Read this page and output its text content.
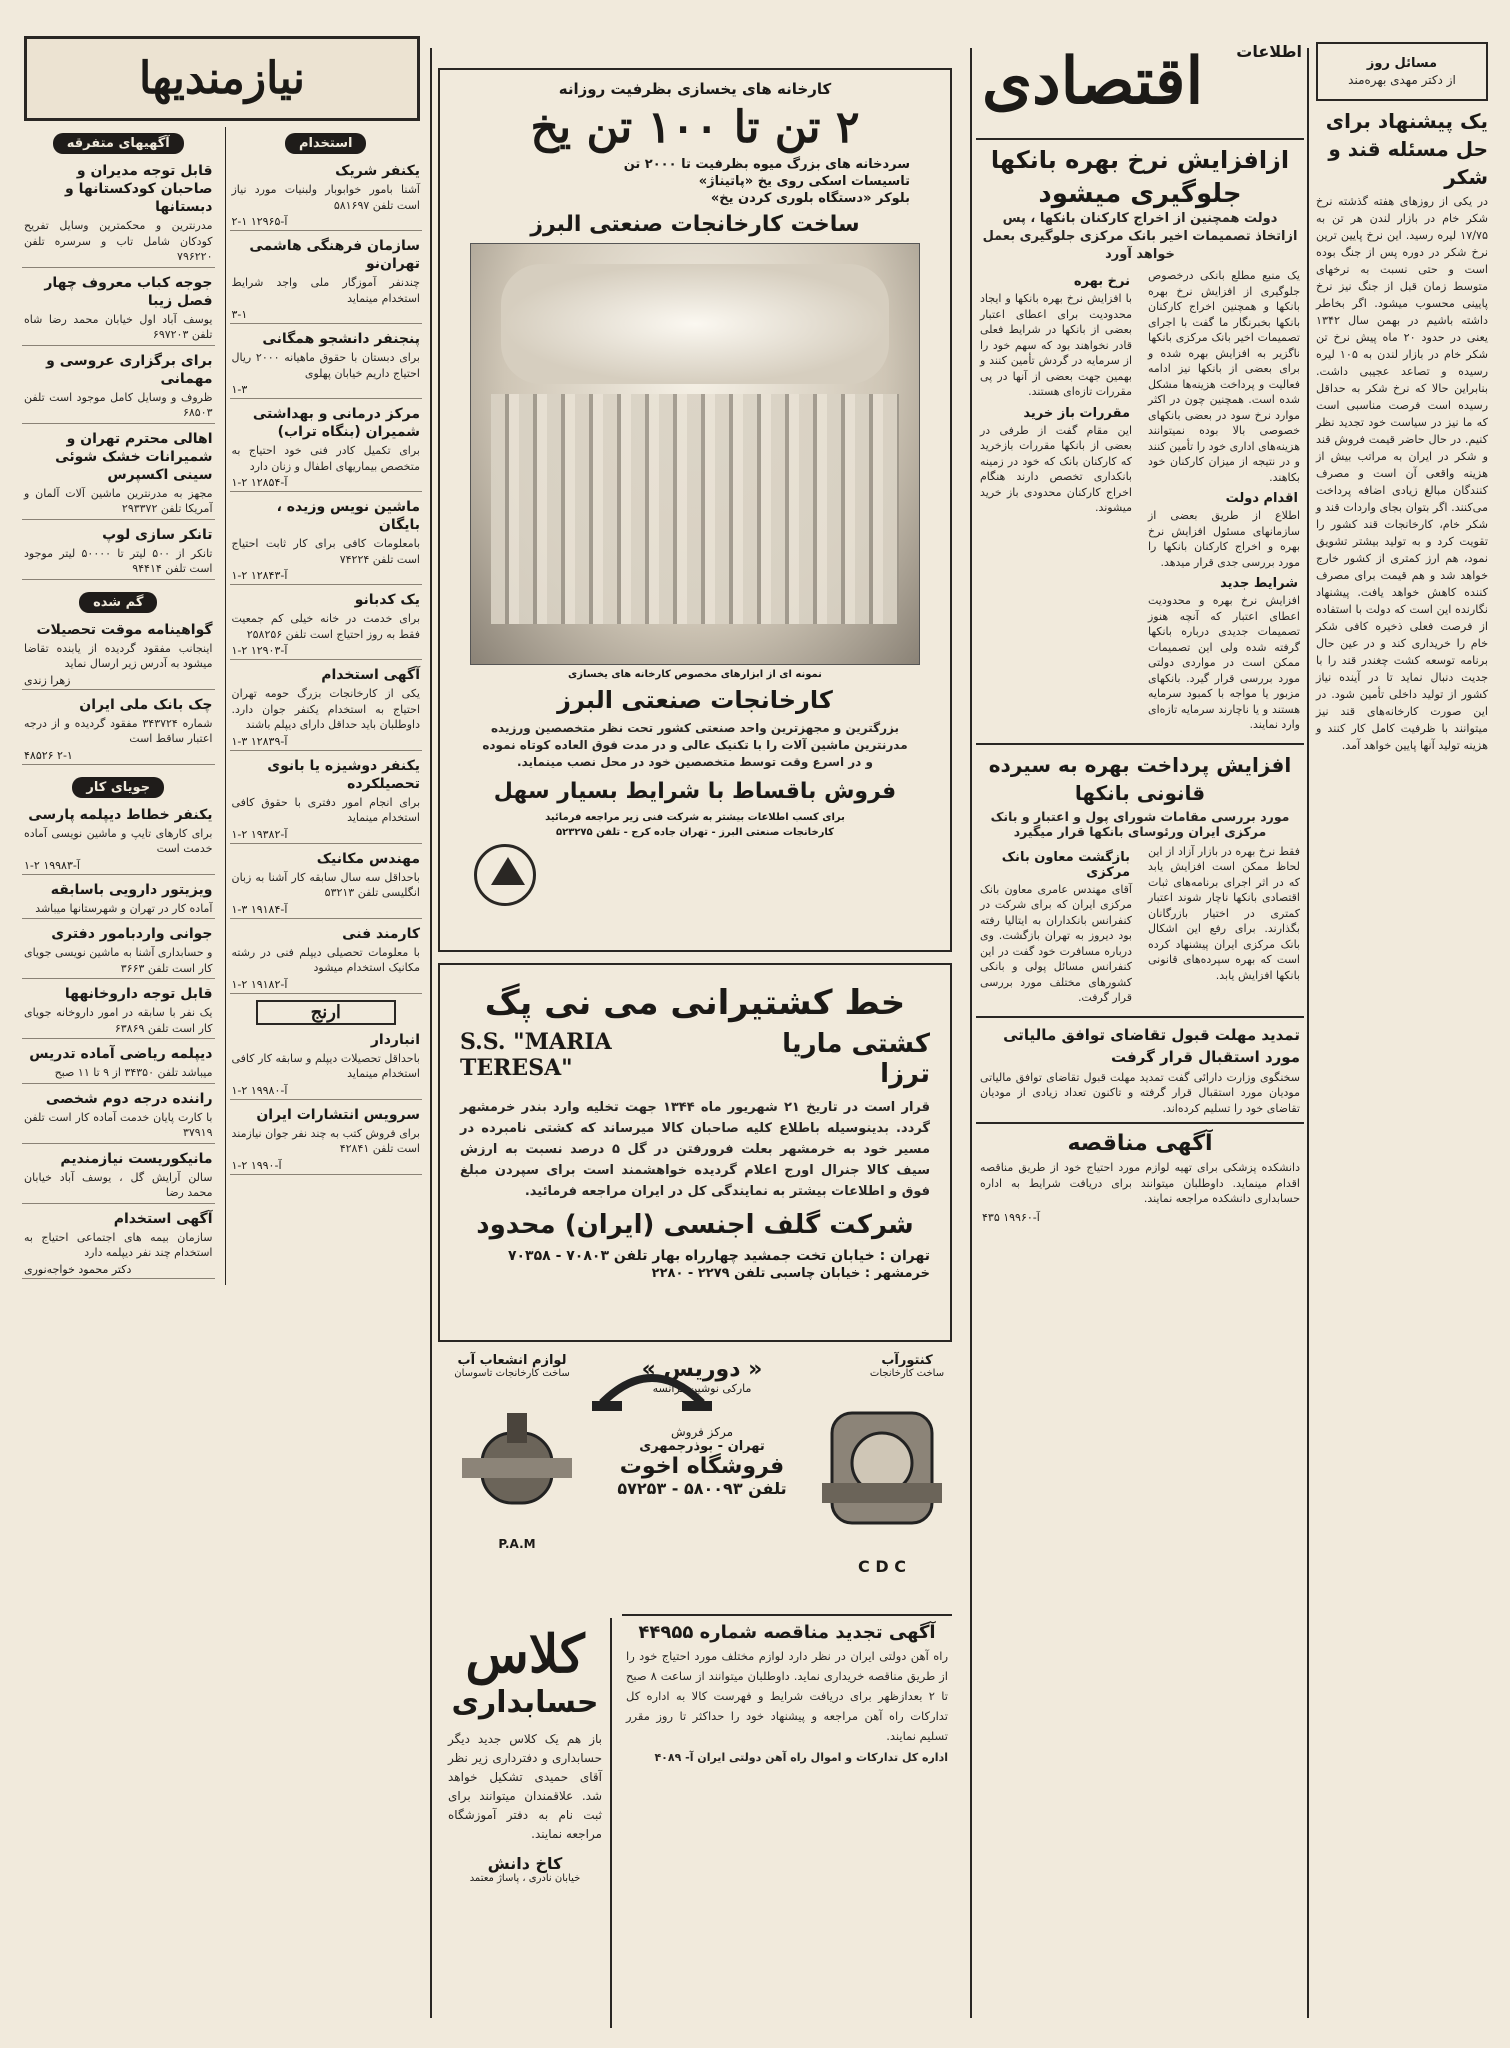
مسائل روز
از دکتر مهدی بهره‌مند
یک پیشنهاد برای حل مسئله قند و شکر
در یکی از روزهای هفته گذشته نرخ شکر خام در بازار لندن هر تن به ۱۷/۷۵ لیره رسید. این نرخ پایین ترین نرخ شکر در دوره پس از جنگ بوده است و حتی نسبت به نرخهای متوسط زمان قبل از جنگ نیز نرخ پایینی محسوب میشود. اگر بخاطر داشته باشیم در بهمن سال ۱۳۴۲ یعنی در حدود ۲۰ ماه پیش نرخ تن شکر خام در بازار لندن به ۱۰۵ لیره رسیده و تصاعد عجیبی داشت. بنابراین حالا که نرخ شکر به حداقل رسیده است فرصت مناسبی است که ما نیز در سیاست خود تجدید نظر کنیم. در حال حاضر قیمت فروش قند و شکر در ایران به مراتب بیش از هزینه واقعی آن است و مصرف کنندگان مبالغ زیادی اضافه پرداخت می‌کنند. اگر بتوان بجای واردات قند و شکر خام، کارخانجات قند کشور را تقویت کرد و به تولید بیشتر تشویق نمود، هم ارز کمتری از کشور خارج خواهد شد و هم قیمت برای مصرف کننده کاهش خواهد یافت. پیشنهاد نگارنده این است که دولت با استفاده از فرصت فعلی ذخیره کافی شکر خام را خریداری کند و در عین حال برنامه توسعه کشت چغندر قند را با جدیت دنبال نماید تا در آینده نیاز کشور از تولید داخلی تأمین شود. در این صورت کارخانه‌های قند نیز میتوانند با ظرفیت کامل کار کنند و هزینه تولید آنها پایین خواهد آمد.
اطلاعات
اقتصادی
ازافزایش نرخ بهره بانکها
جلوگیری میشود
دولت همچنین از اخراج کارکنان بانکها ، پس ازاتخاذ تصمیمات اخیر بانک مرکزی جلوگیری بعمل خواهد آورد
یک منبع مطلع بانکی درخصوص جلوگیری از افزایش نرخ بهره بانکها و همچنین اخراج کارکنان بانکها بخبرنگار ما گفت با اجرای تصمیمات اخیر بانک مرکزی بانکها ناگزیر به افزایش بهره شده و برای بعضی از بانکها نیز ادامه فعالیت و پرداخت هزینه‌ها مشکل شده است. همچنین چون در اکثر موارد نرخ سود در بعضی بانکهای خصوصی بالا بوده نمیتوانند هزینه‌های اداری خود را تأمین کنند و در نتیجه از میزان کارکنان خود بکاهند.
اقدام دولت
اطلاع از طریق بعضی از سازمانهای مسئول افزایش نرخ بهره و اخراج کارکنان بانکها را مورد بررسی جدی قرار میدهد.
شرایط جدید
افزایش نرخ بهره و محدودیت اعطای اعتبار که آنچه هنوز تصمیمات جدیدی درباره بانکها گرفته شده ولی این تصمیمات ممکن است در مواردی دولتی مورد بررسی قرار گیرد. بانکهای مزبور یا مواجه با کمبود سرمایه هستند و یا ناچارند سرمایه تازه‌ای وارد نمایند.
نرخ بهره
با افزایش نرخ بهره بانکها و ایجاد محدودیت برای اعطای اعتبار بعضی از بانکها در شرایط فعلی قادر نخواهند بود که سهم خود را از سرمایه در گردش تأمین کنند و بهمین جهت بعضی از آنها در پی مقررات تازه‌ای هستند.
مقررات باز خرید
این مقام گفت از طرفی در بعضی از بانکها مقررات بازخرید که کارکنان بانک که خود در زمینه بانکداری تخصص دارند هنگام اخراج کارکنان محدودی باز خرید میشوند.
افزایش پرداخت بهره به سیرده قانونی بانکها
مورد بررسی مقامات شورای پول و اعتبار و بانک مرکزی ایران ورئوسای بانکها قرار میگیرد
فقط نرخ بهره در بازار آزاد از این لحاظ ممکن است افزایش یابد که در اثر اجرای برنامه‌های ثبات اقتصادی بانکها ناچار شوند اعتبار کمتری در اختیار بازرگانان بگذارند. برای رفع این اشکال بانک مرکزی ایران پیشنهاد کرده است که بهره سپرده‌های قانونی بانکها افزایش یابد.
بازگشت معاون بانک مرکزی
آقای مهندس عامری معاون بانک مرکزی ایران که برای شرکت در کنفرانس بانکداران به ایتالیا رفته بود دیروز به تهران بازگشت. وی درباره مسافرت خود گفت در این کنفرانس مسائل پولی و بانکی کشورهای مختلف مورد بررسی قرار گرفت.
تمدید مهلت قبول تقاضای توافق مالیاتی مورد استقبال قرار گرفت
سخنگوی وزارت دارائی گفت تمدید مهلت قبول تقاضای توافق مالیاتی مودیان مورد استقبال قرار گرفته و تاکنون تعداد زیادی از مودیان تقاضای خود را تسلیم کرده‌اند.
آگهی مناقصه
دانشکده پزشکی برای تهیه لوازم مورد احتیاج خود از طریق مناقصه اقدام مینماید. داوطلبان میتوانند برای دریافت شرایط به اداره حسابداری دانشکده مراجعه نمایند.
آ-۱۹۹۶۰ ۴۳۵
کارخانه های یخسازی بظرفیت روزانه
۲ تن تا ۱۰۰ تن یخ
سردخانه های بزرگ میوه بظرفیت تا ۲۰۰۰ تن
تاسیسات اسکی روی یخ «پاتیناژ»
بلوکر «دستگاه بلوری کردن یخ»
ساخت کارخانجات صنعتی البرز
نمونه ای از ابزارهای مخصوص کارخانه های یخسازی
کارخانجات صنعتی البرز
بزرگترین و مجهزترین واحد صنعتی کشور تحت نظر متخصصین ورزیده مدرنترین ماشین آلات را با تکنیک عالی و در مدت فوق العاده کوتاه نموده و در اسرع وقت توسط متخصصین خود در محل نصب مینماید.
فروش باقساط با شرایط بسیار سهل
برای کسب اطلاعات بیشتر به شرکت فنی زیر مراجعه فرمائید
کارخانجات صنعتی البرز - تهران جاده کرج - تلفن ۵۲۳۲۷۵
خط کشتیرانی می نی پگ
کشتی ماریا ترزا
S.S. "MARIA TERESA"
قرار است در تاریخ ۲۱ شهریور ماه ۱۳۴۴ جهت تخلیه وارد بندر خرمشهر گردد. بدینوسیله باطلاع کلیه صاحبان کالا میرساند که کشتی نامبرده در مسیر خود به خرمشهر بعلت فرورفتن در گل ۵ درصد نسبت به ارزش سیف کالا جنرال اورج اعلام گردیده خواهشمند است برای سپردن مبلغ فوق و اطلاعات بیشتر به نمایندگی کل در ایران مراجعه فرمائید.
شرکت گلف اجنسی (ایران) محدود
تهران : خیابان تخت جمشید چهارراه بهار تلفن ۷۰۸۰۳ - ۷۰۳۵۸
خرمشهر : خیابان چاسبی تلفن ۲۲۷۹ - ۲۲۸۰
کنتورآب
ساخت کارخانجات
لوازم انشعاب آب
ساخت کارخانجات تاسوسان	« دوریس »
مارکی نوشین فرانسه
مرکز فروش
تهران - بوذرجمهری
فروشگاه اخوت
تلفن ۵۸۰۰۹۳ - ۵۷۲۵۳
C D C
P.A.M
آگهی تجدید مناقصه شماره ۴۴۹۵۵
راه آهن دولتی ایران در نظر دارد لوازم مختلف مورد احتیاج خود را از طریق مناقصه خریداری نماید. داوطلبان میتوانند از ساعت ۸ صبح تا ۲ بعدازظهر برای دریافت شرایط و فهرست کالا به اداره کل تدارکات راه آهن مراجعه و پیشنهاد خود را حداکثر تا روز مقرر تسلیم نمایند.
اداره کل تدارکات و اموال راه آهن دولتی ایران آ- ۴۰۸۹
کلاس
حسابداری
باز هم یک کلاس جدید دیگر حسابداری و دفترداری زیر نظر آقای حمیدی تشکیل خواهد شد. علاقمندان میتوانند برای ثبت نام به دفتر آموزشگاه مراجعه نمایند.
کاخ دانش
خیابان نادری ، پاساژ معتمد
نیازمندیها
استخدام
یکنفر شریک
آشنا بامور خوابوبار ولبنیات مورد نیاز است تلفن ۵۸۱۶۹۷
آ-۱۲۹۶۵ ۱-۲
سازمان فرهنگی هاشمی تهران‌نو
چندنفر آموزگار ملی واجد شرایط استخدام مینماید
۳-۱
پنجنفر دانشجو همگانی
برای دبستان با حقوق ماهیانه ۲۰۰۰ ریال احتیاج داریم خیابان پهلوی
۱-۳
مرکز درمانی و بهداشتی شمیران (بنگاه تراب)
برای تکمیل کادر فنی خود احتیاج به متخصص بیماریهای اطفال و زنان دارد
آ-۱۲۸۵۴ ۲-۱
ماشین نویس وزیده ، بایگان
بامعلومات کافی برای کار ثابت احتیاج است تلفن ۷۴۲۲۴
آ-۱۲۸۴۳ ۲-۱
یک کدبانو
برای خدمت در خانه خیلی کم جمعیت فقط به روز احتیاج است تلفن ۲۵۸۲۵۶
آ-۱۲۹۰۳ ۲-۱
آگهی استخدام
یکی از کارخانجات بزرگ حومه تهران احتیاج به استخدام یکنفر جوان دارد. داوطلبان باید حداقل دارای دیپلم باشند
آ-۱۲۸۳۹ ۳-۱
یکنفر دوشیزه یا بانوی تحصیلکرده
برای انجام امور دفتری با حقوق کافی استخدام مینماید
آ-۱۹۳۸۲ ۲-۱
مهندس مکانیک
باحداقل سه سال سابقه کار آشنا به زبان انگلیسی تلفن ۵۳۲۱۳
آ-۱۹۱۸۴ ۳-۱
کارمند فنی
با معلومات تحصیلی دیپلم فنی در رشته مکانیک استخدام میشود
آ-۱۹۱۸۲ ۲-۱
ارنج
انباردار
باحداقل تحصیلات دیپلم و سابقه کار کافی استخدام مینماید
آ-۱۹۹۸۰ ۲-۱
سرویس انتشارات ایران
برای فروش کتب به چند نفر جوان نیازمند است تلفن ۴۲۸۴۱
آ-۱۹۹۰ ۲-۱
آگهیهای متفرقه
قابل توجه مدیران و صاحبان کودکستانها و دبستانها
مدرنترین و محکمترین وسایل تفریح کودکان شامل تاب و سرسره تلفن ۷۹۶۲۲۰
جوجه کباب معروف چهار فصل زیبا
یوسف آباد اول خیابان محمد رضا شاه تلفن ۶۹۷۲۰۳
برای برگزاری عروسی و مهمانی
ظروف و وسایل کامل موجود است تلفن ۶۸۵۰۳
اهالی محترم تهران و شمیرانات خشک شوئی سینی اکسپرس
مجهز به مدرنترین ماشین آلات آلمان و آمریکا تلفن ۲۹۳۳۷۲
تانکر سازی لوپ
تانکر از ۵۰۰ لیتر تا ۵۰۰۰۰ لیتر موجود است تلفن ۹۴۴۱۴
گم شده
گواهینامه موقت تحصیلات
اینجانب مفقود گردیده از یابنده تقاضا میشود به آدرس زیر ارسال نماید
زهرا زندی
چک بانک ملی ایران
شماره ۳۴۳۷۲۴ مفقود گردیده و از درجه اعتبار ساقط است
۴۸۵۲۶ ۲-۱
جویای کار
یکنفر خطاط دیپلمه پارسی
برای کارهای تایپ و ماشین نویسی آماده خدمت است
آ-۱۹۹۸۳ ۲-۱
ویزیتور دارویی باسابقه
آماده کار در تهران و شهرستانها میباشد
جوانی واردبامور دفتری
و حسابداری آشنا به ماشین نویسی جویای کار است تلفن ۳۶۶۳
قابل توجه داروخانهها
یک نفر با سابقه در امور داروخانه جویای کار است تلفن ۶۳۸۶۹
دیپلمه ریاضی آماده تدریس
میباشد تلفن ۳۴۳۵۰ از ۹ تا ۱۱ صبح
راننده درجه دوم شخصی
با کارت پایان خدمت آماده کار است تلفن ۳۷۹۱۹
مانیکوریست نیازمندیم
سالن آرایش گل ، یوسف آباد خیابان محمد رضا
آگهی استخدام
سازمان بیمه های اجتماعی احتیاج به استخدام چند نفر دیپلمه دارد
دکتر محمود خواجه‌نوری
